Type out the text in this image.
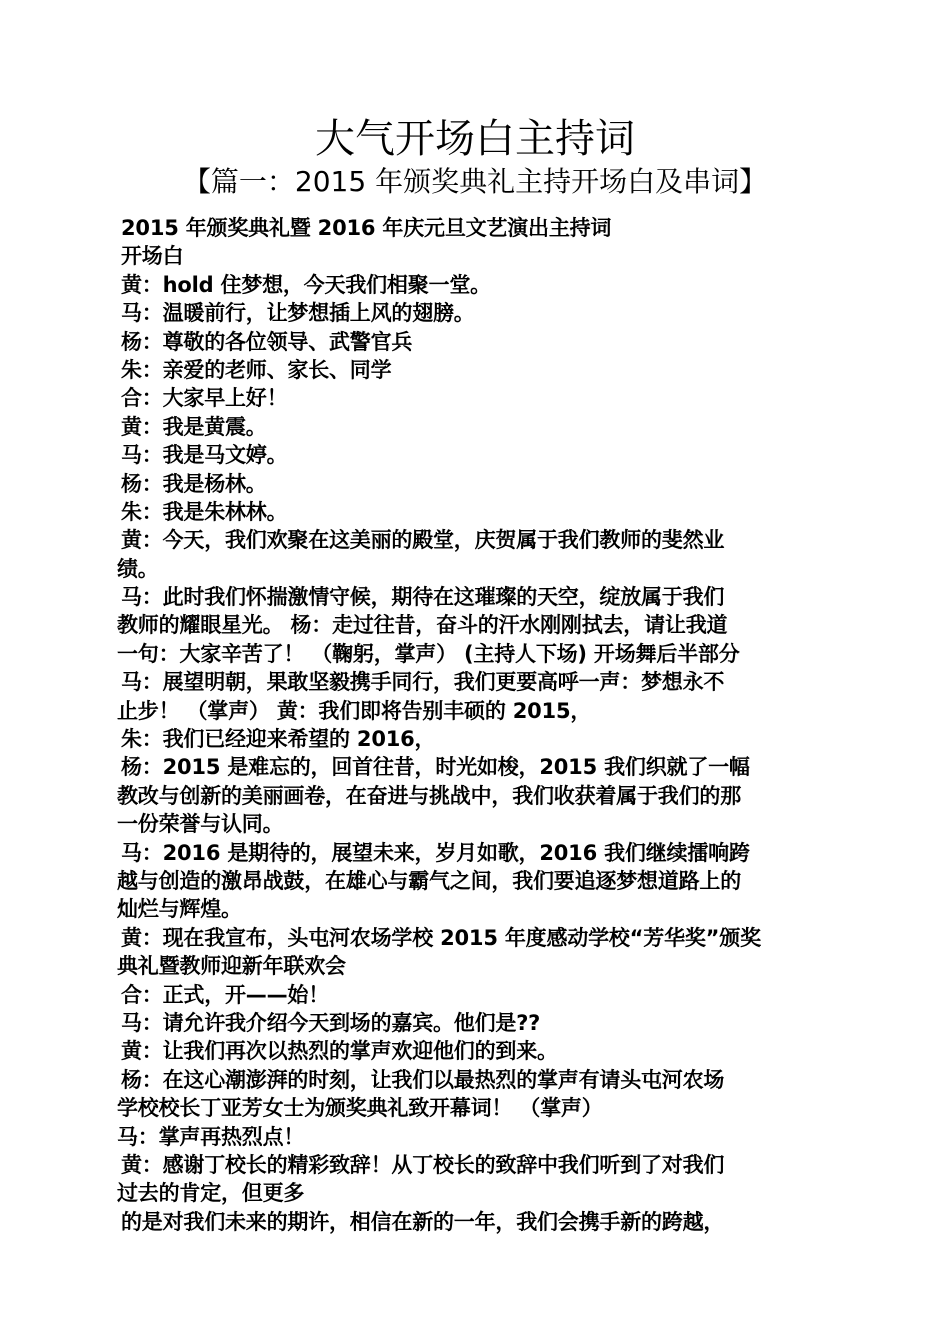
大气开场白主持词
【篇一：2015 年颁奖典礼主持开场白及串词】
2015 年颁奖典礼暨 2016 年庆元旦文艺演出主持词
开场白
黄：hold 住梦想，今天我们相聚一堂。
马：温暖前行，让梦想插上风的翅膀。
杨：尊敬的各位领导、武警官兵
朱：亲爱的老师、家长、同学
合：大家早上好！
黄：我是黄震。
马：我是马文婷。
杨：我是杨林。
朱：我是朱林林。
黄：今天，我们欢聚在这美丽的殿堂，庆贺属于我们教师的斐然业
绩。
马：此时我们怀揣激情守候，期待在这璀璨的天空，绽放属于我们
教师的耀眼星光。 杨：走过往昔，奋斗的汗水刚刚拭去，请让我道
一句：大家辛苦了！ （鞠躬，掌声） (主持人下场) 开场舞后半部分
马：展望明朝，果敢坚毅携手同行，我们更要高呼一声：梦想永不
止步！ （掌声） 黄：我们即将告别丰硕的 2015，
朱：我们已经迎来希望的 2016，
杨：2015 是难忘的，回首往昔，时光如梭，2015 我们织就了一幅
教改与创新的美丽画卷，在奋进与挑战中，我们收获着属于我们的那
一份荣誉与认同。
马：2016 是期待的，展望未来，岁月如歌，2016 我们继续擂响跨
越与创造的激昂战鼓，在雄心与霸气之间，我们要追逐梦想道路上的
灿烂与辉煌。
黄：现在我宣布，头屯河农场学校 2015 年度感动学校“芳华奖”颁奖
典礼暨教师迎新年联欢会
合：正式，开——始！
马：请允许我介绍今天到场的嘉宾。他们是??
黄：让我们再次以热烈的掌声欢迎他们的到来。
杨：在这心潮澎湃的时刻，让我们以最热烈的掌声有请头屯河农场
学校校长丁亚芳女士为颁奖典礼致开幕词！ （掌声）
马：掌声再热烈点！
黄：感谢丁校长的精彩致辞！从丁校长的致辞中我们听到了对我们
过去的肯定，但更多
的是对我们未来的期许，相信在新的一年，我们会携手新的跨越，
